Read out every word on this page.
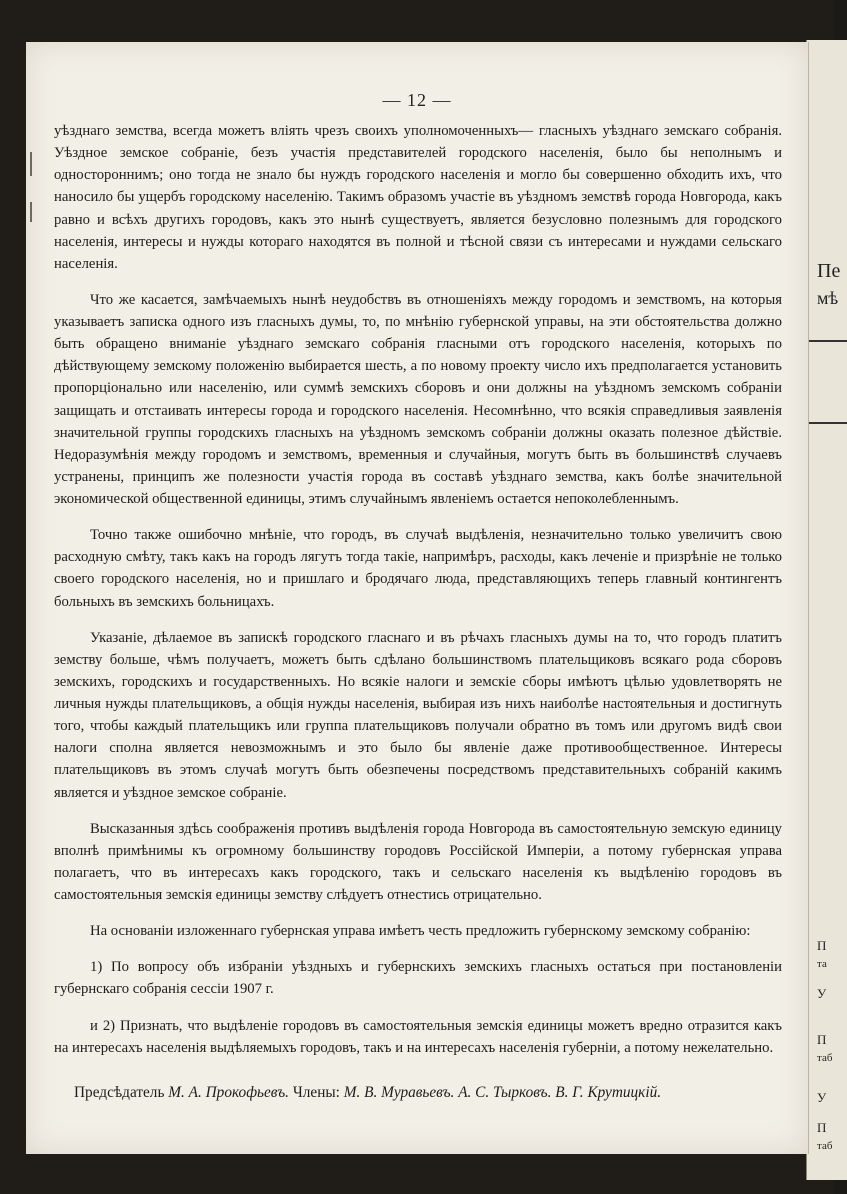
Пе
мѣ
П
та
У
П
таб
У
П
таб
— 12 —

уѣзднаго земства, всегда можетъ вліять чрезъ своихъ уполномоченныхъ— гласныхъ уѣзднаго земскаго собранія. Уѣздное земское собраніе, безъ участія представителей городского населенія, было бы неполнымъ и одностороннимъ; оно тогда не знало бы нуждъ городского населенія и могло бы совершенно обходить ихъ, что наносило бы ущербъ городскому населенію. Такимъ образомъ участіе въ уѣздномъ земствѣ города Новгорода, какъ равно и всѣхъ другихъ городовъ, какъ это нынѣ существуетъ, является безусловно полезнымъ для городского населенія, интересы и нужды котораго находятся въ полной и тѣсной связи съ интересами и нуждами сельскаго населенія.

Что же касается, замѣчаемыхъ нынѣ неудобствъ въ отношеніяхъ между городомъ и земствомъ, на которыя указываетъ записка одного изъ гласныхъ думы, то, по мнѣнію губернской управы, на эти обстоятельства должно быть обращено вниманіе уѣзднаго земскаго собранія гласными отъ городского населенія, которыхъ по дѣйствующему земскому положенію выбирается шесть, а по новому проекту число ихъ предполагается установить пропорціонально или населенію, или суммѣ земскихъ сборовъ и они должны на уѣздномъ земскомъ собраніи защищать и отстаивать интересы города и городского населенія. Несомнѣнно, что всякія справедливыя заявленія значительной группы городскихъ гласныхъ на уѣздномъ земскомъ собраніи должны оказать полезное дѣйствіе. Недоразумѣнія между городомъ и земствомъ, временныя и случайныя, могутъ быть въ большинствѣ случаевъ устранены, принципъ же полезности участія города въ составѣ уѣзднаго земства, какъ болѣе значительной экономической общественной единицы, этимъ случайнымъ явленіемъ остается непоколебленнымъ.

Точно также ошибочно мнѣніе, что городъ, въ случаѣ выдѣленія, незначительно только увеличитъ свою расходную смѣту, такъ какъ на городъ лягутъ тогда такіе, напримѣръ, расходы, какъ леченіе и призрѣніе не только своего городского населенія, но и пришлаго и бродячаго люда, представляющихъ теперь главный контингентъ больныхъ въ земскихъ больницахъ.

Указаніе, дѣлаемое въ запискѣ городского гласнаго и въ рѣчахъ гласныхъ думы на то, что городъ платитъ земству больше, чѣмъ получаетъ, можетъ быть сдѣлано большинствомъ плательщиковъ всякаго рода сборовъ земскихъ, городскихъ и государственныхъ. Но всякіе налоги и земскіе сборы имѣютъ цѣлью удовлетворять не личныя нужды плательщиковъ, а общія нужды населенія, выбирая изъ нихъ наиболѣе настоятельныя и достигнуть того, чтобы каждый плательщикъ или группа плательщиковъ получали обратно въ томъ или другомъ видѣ свои налоги сполна является невозможнымъ и это было бы явленіе даже противообщественное. Интересы плательщиковъ въ этомъ случаѣ могутъ быть обезпечены посредствомъ представительныхъ собраній какимъ является и уѣздное земское собраніе.

Высказанныя здѣсь соображенія противъ выдѣленія города Новгорода въ самостоятельную земскую единицу вполнѣ примѣнимы къ огромному большинству городовъ Россійской Имперіи, а потому губернская управа полагаетъ, что въ интересахъ какъ городского, такъ и сельскаго населенія къ выдѣленію городовъ въ самостоятельныя земскія единицы земству слѣдуетъ отнестись отрицательно.

На основаніи изложеннаго губернская управа имѣетъ честь предложить губернскому земскому собранію:

1) По вопросу объ избраніи уѣздныхъ и губернскихъ земскихъ гласныхъ остаться при постановленіи губернскаго собранія сессіи 1907 г.

и 2) Признать, что выдѣленіе городовъ въ самостоятельныя земскія единицы можетъ вредно отразится какъ на интересахъ населенія выдѣляемыхъ городовъ, такъ и на интересахъ населенія губерніи, а потому нежелательно.

Предсѣдатель М. А. Прокофьевъ. Члены: М. В. Муравьевъ. А. С. Тырковъ. В. Г. Крутицкій.
